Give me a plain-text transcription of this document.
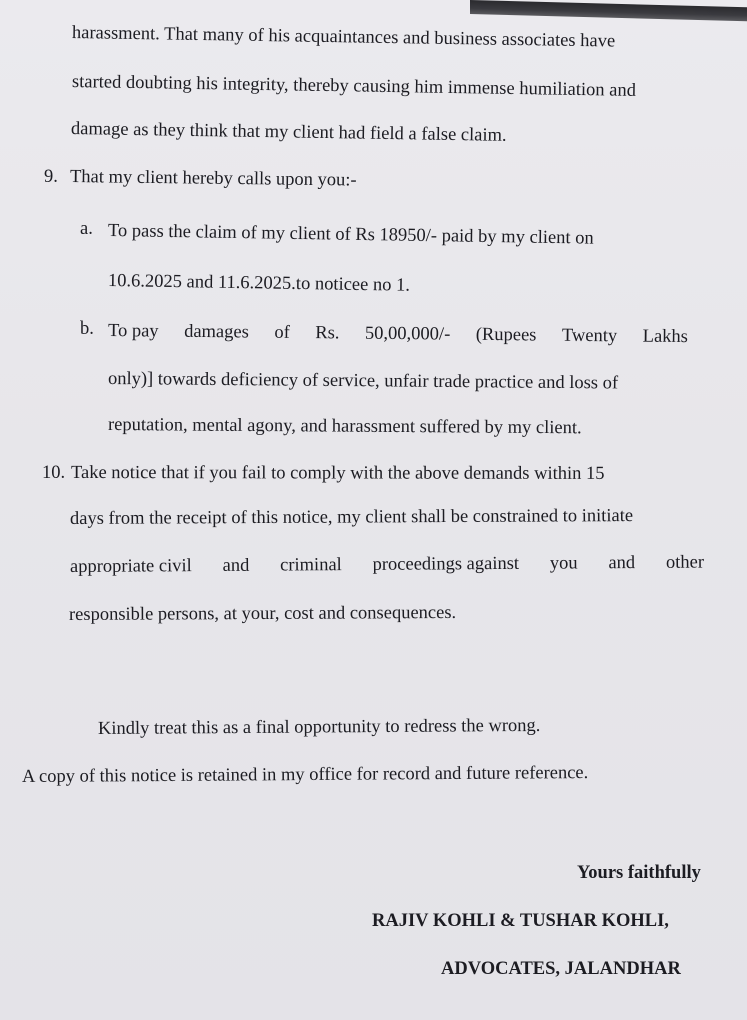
harassment. That many of his acquaintances and business associates have
started doubting his integrity, thereby causing him immense humiliation and
damage as they think that my client had field a false claim.
9. That my client hereby calls upon you:-
a. To pass the claim of my client of Rs 18950/- paid by my client on
10.6.2025 and 11.6.2025.to noticee no 1.
b. To pay damages of Rs. 50,00,000/- (Rupees Twenty Lakhs
only)] towards deficiency of service, unfair trade practice and loss of
reputation, mental agony, and harassment suffered by my client.
10. Take notice that if you fail to comply with the above demands within 15
days from the receipt of this notice, my client shall be constrained to initiate
appropriate civil and criminal proceedings against you and other
responsible persons, at your, cost and consequences.
Kindly treat this as a final opportunity to redress the wrong.
A copy of this notice is retained in my office for record and future reference.
Yours faithfully
RAJIV KOHLI & TUSHAR KOHLI,
ADVOCATES, JALANDHAR
